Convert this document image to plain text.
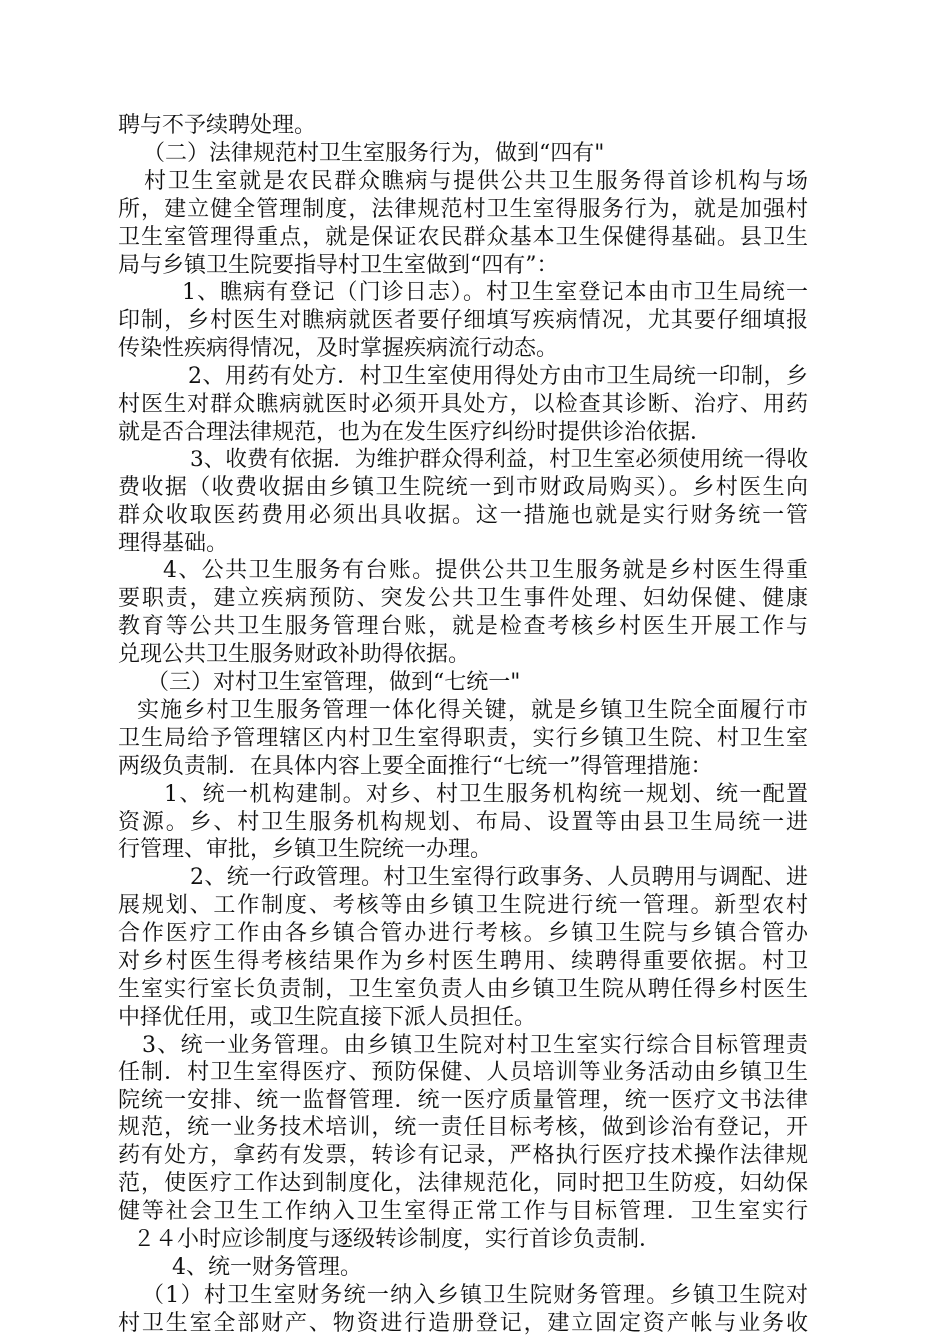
聘与不予续聘处理。
（二）法律规范村卫生室服务行为，做到“四有"
村卫生室就是农民群众瞧病与提供公共卫生服务得首诊机构与场
所，建立健全管理制度，法律规范村卫生室得服务行为，就是加强村
卫生室管理得重点，就是保证农民群众基本卫生保健得基础。县卫生
局与乡镇卫生院要指导村卫生室做到“四有”：
1、瞧病有登记（门诊日志）。村卫生室登记本由市卫生局统一
印制，乡村医生对瞧病就医者要仔细填写疾病情况，尤其要仔细填报
传染性疾病得情况，及时掌握疾病流行动态。
2、用药有处方．村卫生室使用得处方由市卫生局统一印制，乡
村医生对群众瞧病就医时必须开具处方，以检查其诊断、治疗、用药
就是否合理法律规范，也为在发生医疗纠纷时提供诊治依据．
3、收费有依据．为维护群众得利益，村卫生室必须使用统一得收
费收据（收费收据由乡镇卫生院统一到市财政局购买）。乡村医生向
群众收取医药费用必须出具收据。这一措施也就是实行财务统一管
理得基础。
4、公共卫生服务有台账。提供公共卫生服务就是乡村医生得重
要职责，建立疾病预防、突发公共卫生事件处理、妇幼保健、健康
教育等公共卫生服务管理台账，就是检查考核乡村医生开展工作与
兑现公共卫生服务财政补助得依据。
（三）对村卫生室管理，做到“七统一"
实施乡村卫生服务管理一体化得关键，就是乡镇卫生院全面履行市
卫生局给予管理辖区内村卫生室得职责，实行乡镇卫生院、村卫生室
两级负责制．在具体内容上要全面推行“七统一”得管理措施：
1、统一机构建制。对乡、村卫生服务机构统一规划、统一配置
资源。乡、村卫生服务机构规划、布局、设置等由县卫生局统一进
行管理、审批，乡镇卫生院统一办理。
2、统一行政管理。村卫生室得行政事务、人员聘用与调配、进
展规划、工作制度、考核等由乡镇卫生院进行统一管理。新型农村
合作医疗工作由各乡镇合管办进行考核。乡镇卫生院与乡镇合管办
对乡村医生得考核结果作为乡村医生聘用、续聘得重要依据。村卫
生室实行室长负责制，卫生室负责人由乡镇卫生院从聘任得乡村医生
中择优任用，或卫生院直接下派人员担任。
3、统一业务管理。由乡镇卫生院对村卫生室实行综合目标管理责
任制．村卫生室得医疗、预防保健、人员培训等业务活动由乡镇卫生
院统一安排、统一监督管理．统一医疗质量管理，统一医疗文书法律
规范，统一业务技术培训，统一责任目标考核，做到诊治有登记，开
药有处方，拿药有发票，转诊有记录，严格执行医疗技术操作法律规
范，使医疗工作达到制度化，法律规范化，同时把卫生防疫，妇幼保
健等社会卫生工作纳入卫生室得正常工作与目标管理．卫生室实行
２４小时应诊制度与逐级转诊制度，实行首诊负责制．
4、统一财务管理。
（1）村卫生室财务统一纳入乡镇卫生院财务管理。乡镇卫生院对
村卫生室全部财产、物资进行造册登记，建立固定资产帐与业务收
